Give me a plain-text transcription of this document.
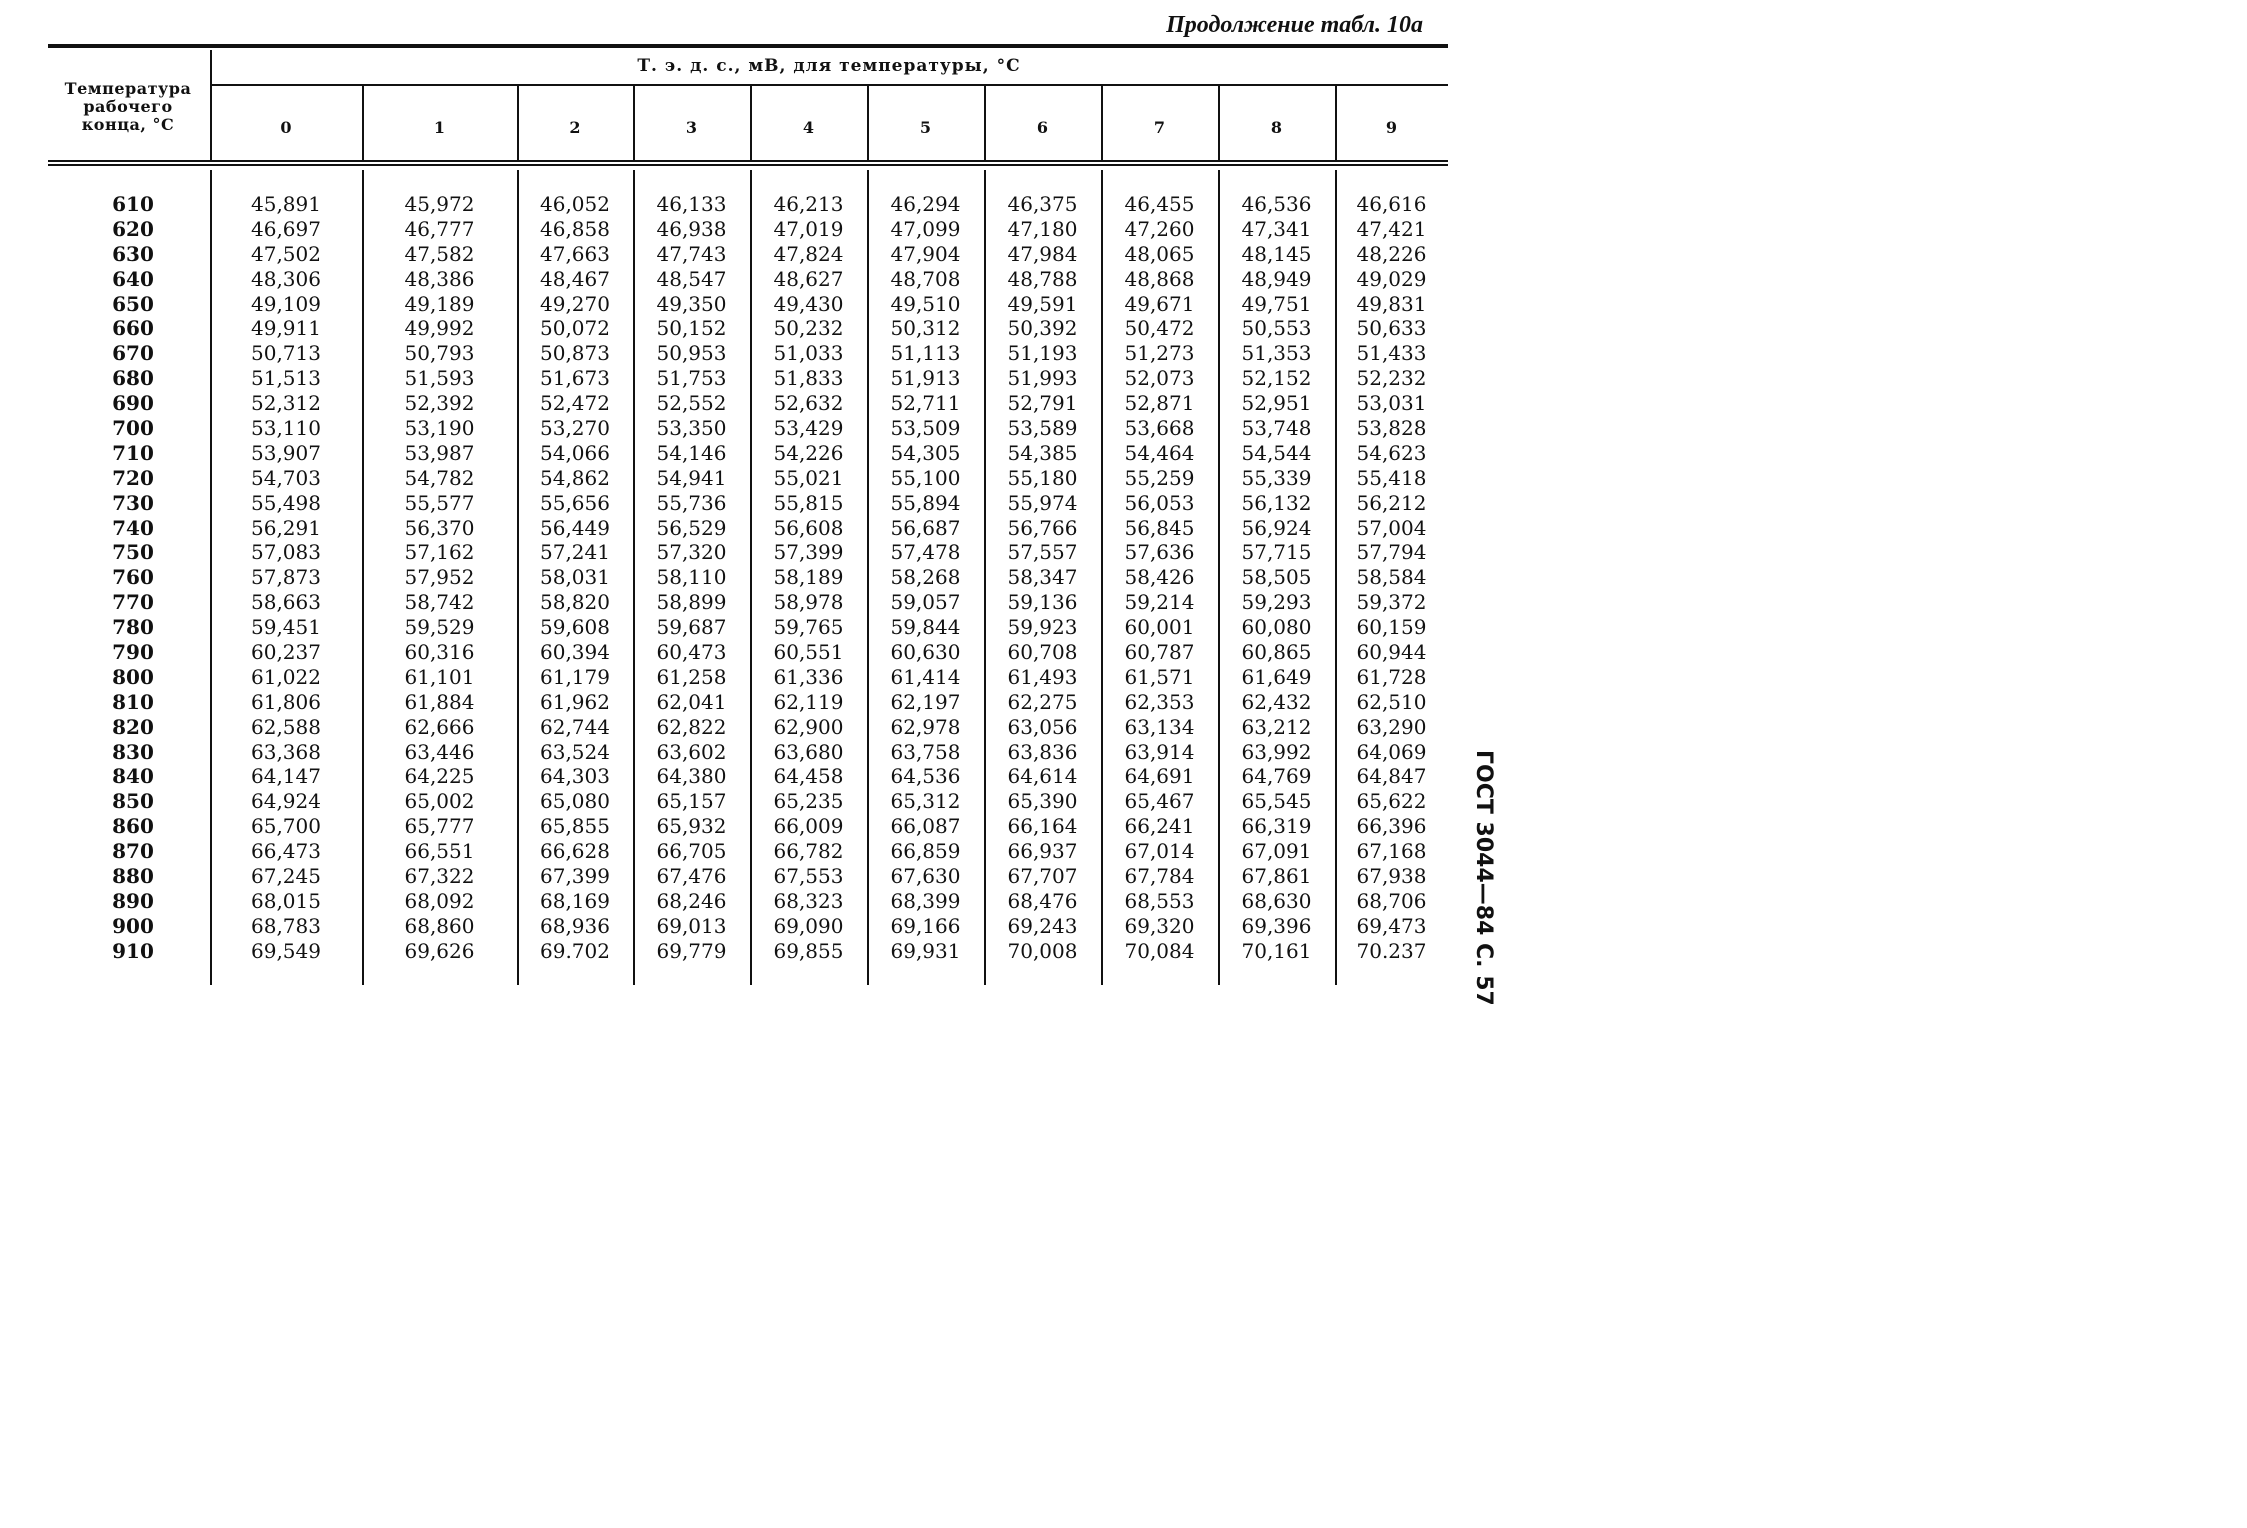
Продолжение табл. 10а
ГОСТ 3044—84 С. 57
Температура рабочего конца, °С
Т. э. д. с., мВ, для температуры, °С
0	1	2	3	4	5	6	7	8	9
610	45,891	45,972	46,052	46,133	46,213	46,294	46,375	46,455	46,536	46,616
620	46,697	46,777	46,858	46,938	47,019	47,099	47,180	47,260	47,341	47,421
630	47,502	47,582	47,663	47,743	47,824	47,904	47,984	48,065	48,145	48,226
640	48,306	48,386	48,467	48,547	48,627	48,708	48,788	48,868	48,949	49,029
650	49,109	49,189	49,270	49,350	49,430	49,510	49,591	49,671	49,751	49,831
660	49,911	49,992	50,072	50,152	50,232	50,312	50,392	50,472	50,553	50,633
670	50,713	50,793	50,873	50,953	51,033	51,113	51,193	51,273	51,353	51,433
680	51,513	51,593	51,673	51,753	51,833	51,913	51,993	52,073	52,152	52,232
690	52,312	52,392	52,472	52,552	52,632	52,711	52,791	52,871	52,951	53,031
700	53,110	53,190	53,270	53,350	53,429	53,509	53,589	53,668	53,748	53,828
710	53,907	53,987	54,066	54,146	54,226	54,305	54,385	54,464	54,544	54,623
720	54,703	54,782	54,862	54,941	55,021	55,100	55,180	55,259	55,339	55,418
730	55,498	55,577	55,656	55,736	55,815	55,894	55,974	56,053	56,132	56,212
740	56,291	56,370	56,449	56,529	56,608	56,687	56,766	56,845	56,924	57,004
750	57,083	57,162	57,241	57,320	57,399	57,478	57,557	57,636	57,715	57,794
760	57,873	57,952	58,031	58,110	58,189	58,268	58,347	58,426	58,505	58,584
770	58,663	58,742	58,820	58,899	58,978	59,057	59,136	59,214	59,293	59,372
780	59,451	59,529	59,608	59,687	59,765	59,844	59,923	60,001	60,080	60,159
790	60,237	60,316	60,394	60,473	60,551	60,630	60,708	60,787	60,865	60,944
800	61,022	61,101	61,179	61,258	61,336	61,414	61,493	61,571	61,649	61,728
810	61,806	61,884	61,962	62,041	62,119	62,197	62,275	62,353	62,432	62,510
820	62,588	62,666	62,744	62,822	62,900	62,978	63,056	63,134	63,212	63,290
830	63,368	63,446	63,524	63,602	63,680	63,758	63,836	63,914	63,992	64,069
840	64,147	64,225	64,303	64,380	64,458	64,536	64,614	64,691	64,769	64,847
850	64,924	65,002	65,080	65,157	65,235	65,312	65,390	65,467	65,545	65,622
860	65,700	65,777	65,855	65,932	66,009	66,087	66,164	66,241	66,319	66,396
870	66,473	66,551	66,628	66,705	66,782	66,859	66,937	67,014	67,091	67,168
880	67,245	67,322	67,399	67,476	67,553	67,630	67,707	67,784	67,861	67,938
890	68,015	68,092	68,169	68,246	68,323	68,399	68,476	68,553	68,630	68,706
900	68,783	68,860	68,936	69,013	69,090	69,166	69,243	69,320	69,396	69,473
910	69,549	69,626	69.702	69,779	69,855	69,931	70,008	70,084	70,161	70.237
